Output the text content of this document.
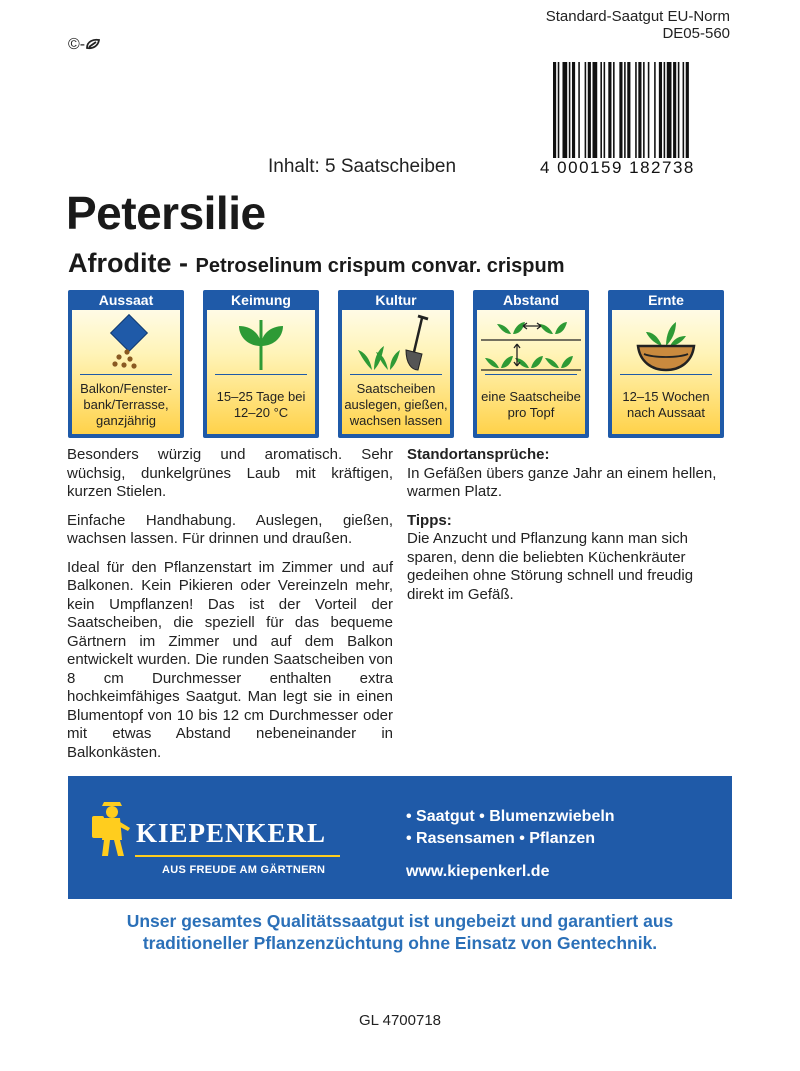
Standard-Saatgut EU-Norm
DE05-560
©-
4 000159 182738
Inhalt: 5 Saatscheiben
Petersilie
Afrodite - Petroselinum crispum convar. crispum
Aussaat
Balkon/Fenster-bank/Terrasse, ganzjährig
Keimung
15–25 Tage bei 12–20 °C
Kultur
Saatscheiben auslegen, gießen, wachsen lassen
Abstand
eine Saatscheibe pro Topf
Ernte
12–15 Wochen nach Aussaat

Besonders würzig und aromatisch. Sehr wüchsig, dunkelgrünes Laub mit kräftigen, kurzen Stielen.

Einfache Handhabung. Auslegen, gießen, wachsen lassen. Für drinnen und draußen.

Ideal für den Pflanzenstart im Zimmer und auf Balkonen. Kein Pikieren oder Vereinzeln mehr, kein Umpflanzen! Das ist der Vorteil der Saatscheiben, die speziell für das bequeme Gärtnern im Zimmer und auf dem Balkon entwickelt wurden. Die runden Saatscheiben von 8 cm Durchmesser enthalten extra hochkeimfähiges Saatgut. Man legt sie in einen Blumentopf von 10 bis 12 cm Durchmesser oder mit etwas Abstand nebeneinander in Balkonkästen.

Standortansprüche:

In Gefäßen übers ganze Jahr an einem hellen, warmen Platz.

Tipps:

Die Anzucht und Pflanzung kann man sich sparen, denn die beliebten Küchenkräuter gedeihen ohne Störung schnell und freudig direkt im Gefäß.

KIEPENKERL
AUS FREUDE AM GÄRTNERN
• Saatgut • Blumenzwiebeln
• Rasensamen • Pflanzen
www.kiepenkerl.de
Unser gesamtes Qualitätssaatgut ist ungebeizt und garantiert aus
traditioneller Pflanzenzüchtung ohne Einsatz von Gentechnik.
GL 4700718
